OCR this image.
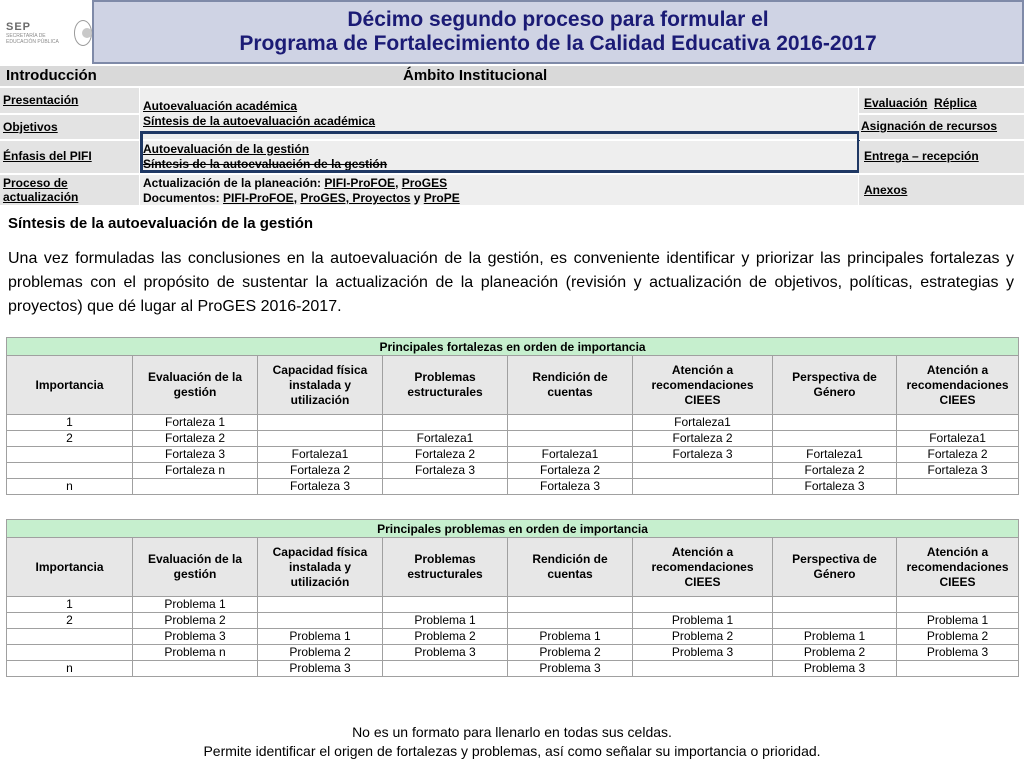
SEP
SECRETARÍA DE EDUCACIÓN PÚBLICA
Décimo segundo proceso para formular el
Programa de Fortalecimiento de la Calidad Educativa 2016-2017
Introducción	Ámbito Institucional
Presentación
Objetivos
Énfasis del PIFI
Proceso de actualización
Autoevaluación académica
Síntesis de la autoevaluación académica
Autoevaluación de la gestión
Síntesis de la autoevaluación de la gestión
Actualización de la planeación: PIFI-ProFOE, ProGES
Documentos: PIFI-ProFOE, ProGES, Proyectos y ProPE
Evaluación Réplica
Asignación de recursos
Entrega – recepción
Anexos
Síntesis de la autoevaluación de la gestión
Una vez formuladas las conclusiones en la autoevaluación de la gestión, es conveniente identificar y priorizar las principales fortalezas y problemas con el propósito de sustentar la actualización de la planeación (revisión y actualización de objetivos, políticas, estrategias y proyectos) que dé lugar al ProGES 2016-2017.
Principales fortalezas en orden de importancia							
Importancia	Evaluación de la gestión	Capacidad física instalada y utilización	Problemas estructurales	Rendición de cuentas	Atención a recomendaciones CIEES	Perspectiva de Género	Atención a recomendaciones CIEES
1	Fortaleza 1				Fortaleza1		
2	Fortaleza 2		Fortaleza1		Fortaleza 2		Fortaleza1
	Fortaleza 3	Fortaleza1	Fortaleza 2	Fortaleza1	Fortaleza 3	Fortaleza1	Fortaleza 2
	Fortaleza n	Fortaleza 2	Fortaleza 3	Fortaleza 2		Fortaleza 2	Fortaleza 3
n		Fortaleza 3		Fortaleza 3		Fortaleza 3	
Principales problemas en orden de importancia							
Importancia	Evaluación de la gestión	Capacidad física instalada y utilización	Problemas estructurales	Rendición de cuentas	Atención a recomendaciones CIEES	Perspectiva de Género	Atención a recomendaciones CIEES
1	Problema 1						
2	Problema 2		Problema 1		Problema 1		Problema 1
	Problema 3	Problema 1	Problema 2	Problema 1	Problema 2	Problema 1	Problema 2
	Problema n	Problema 2	Problema 3	Problema 2	Problema 3	Problema 2	Problema 3
n		Problema 3		Problema 3		Problema 3	
No es un formato para llenarlo en todas sus celdas.
Permite identificar el origen de fortalezas y problemas, así como señalar su importancia o prioridad.
